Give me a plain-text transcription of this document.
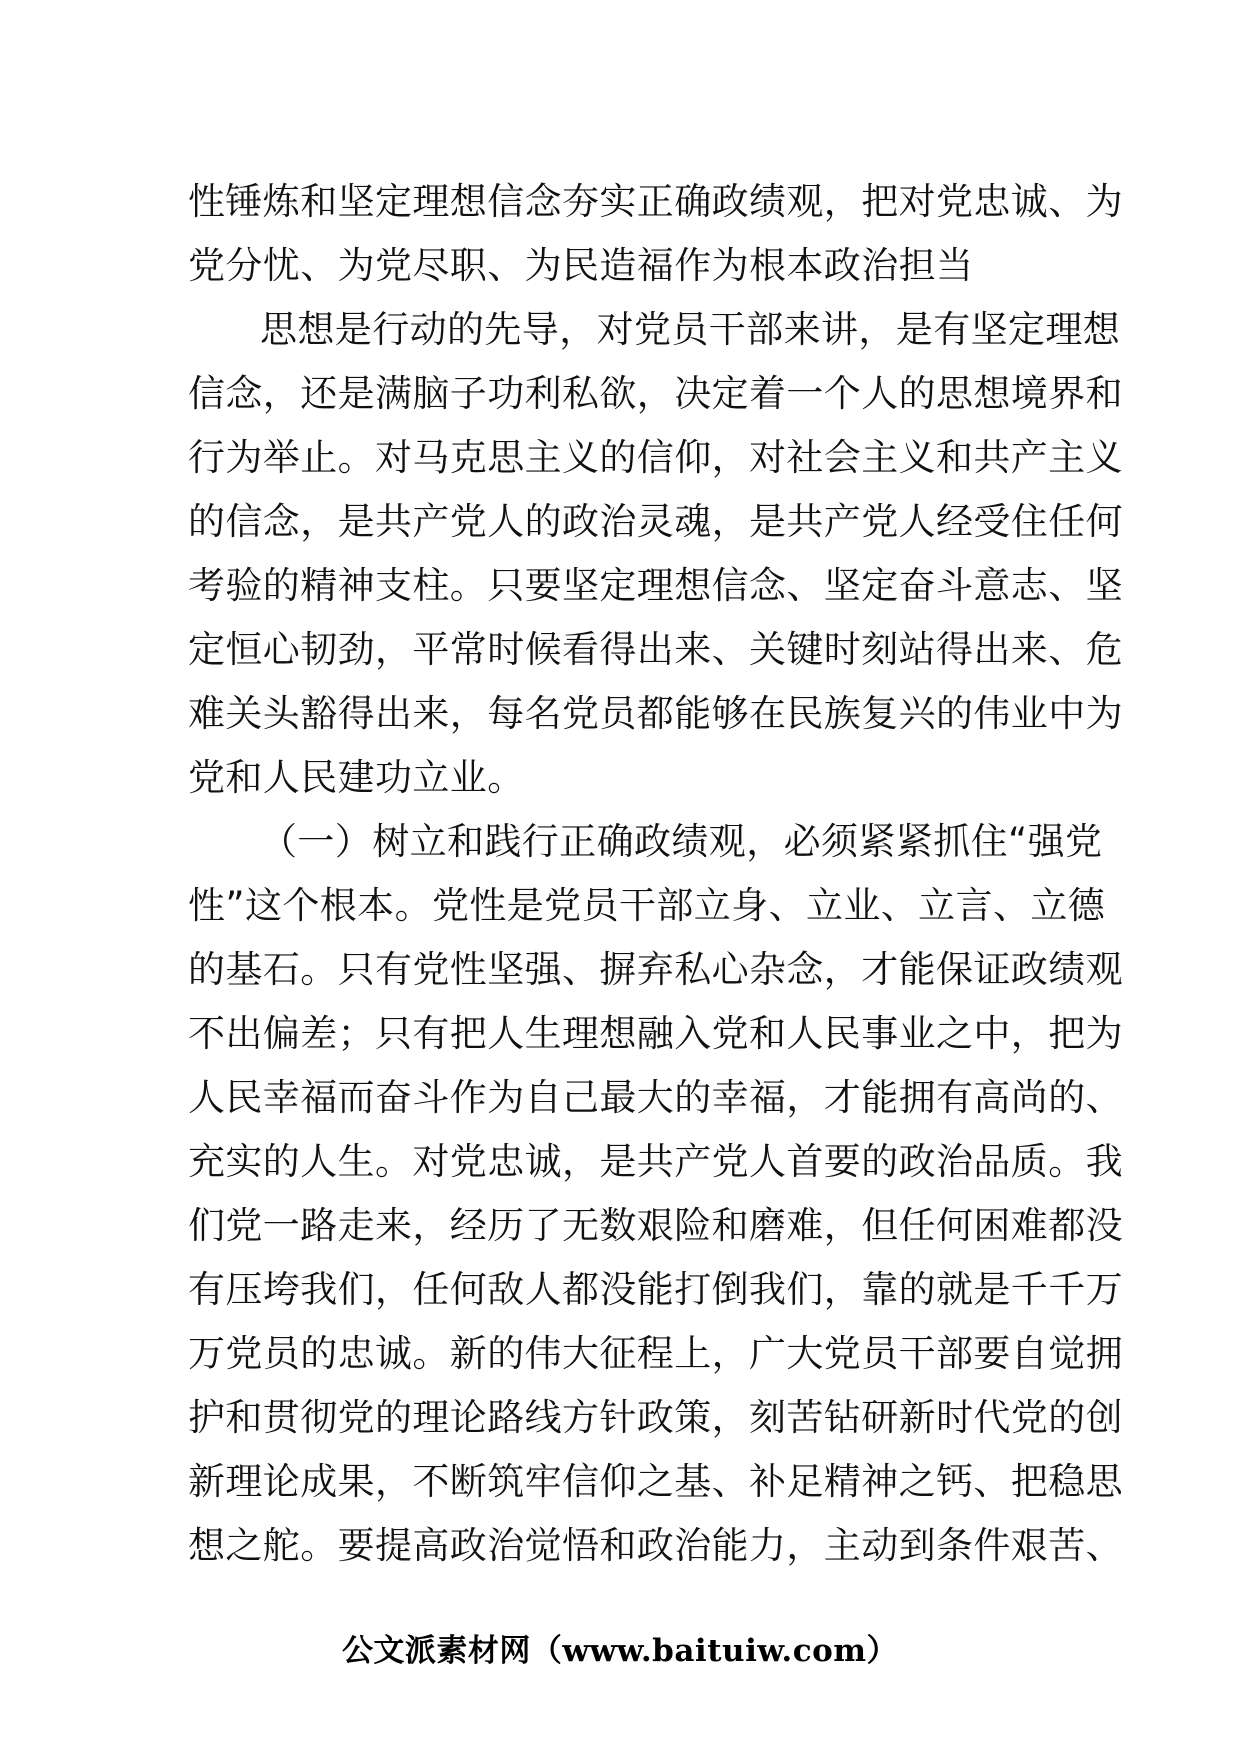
性锤炼和坚定理想信念夯实正确政绩观，把对党忠诚、为
党分忧、为党尽职、为民造福作为根本政治担当
思想是行动的先导，对党员干部来讲，是有坚定理想
信念，还是满脑子功利私欲，决定着一个人的思想境界和
行为举止。对马克思主义的信仰，对社会主义和共产主义
的信念，是共产党人的政治灵魂，是共产党人经受住任何
考验的精神支柱。只要坚定理想信念、坚定奋斗意志、坚
定恒心韧劲，平常时候看得出来、关键时刻站得出来、危
难关头豁得出来，每名党员都能够在民族复兴的伟业中为
党和人民建功立业。
（一）树立和践行正确政绩观，必须紧紧抓住“强党
性”这个根本。党性是党员干部立身、立业、立言、立德
的基石。只有党性坚强、摒弃私心杂念，才能保证政绩观
不出偏差；只有把人生理想融入党和人民事业之中，把为
人民幸福而奋斗作为自己最大的幸福，才能拥有高尚的、
充实的人生。对党忠诚，是共产党人首要的政治品质。我
们党一路走来，经历了无数艰险和磨难，但任何困难都没
有压垮我们，任何敌人都没能打倒我们，靠的就是千千万
万党员的忠诚。新的伟大征程上，广大党员干部要自觉拥
护和贯彻党的理论路线方针政策，刻苦钻研新时代党的创
新理论成果，不断筑牢信仰之基、补足精神之钙、把稳思
想之舵。要提高政治觉悟和政治能力，主动到条件艰苦、
公文派素材网（www.baituiw.com）
